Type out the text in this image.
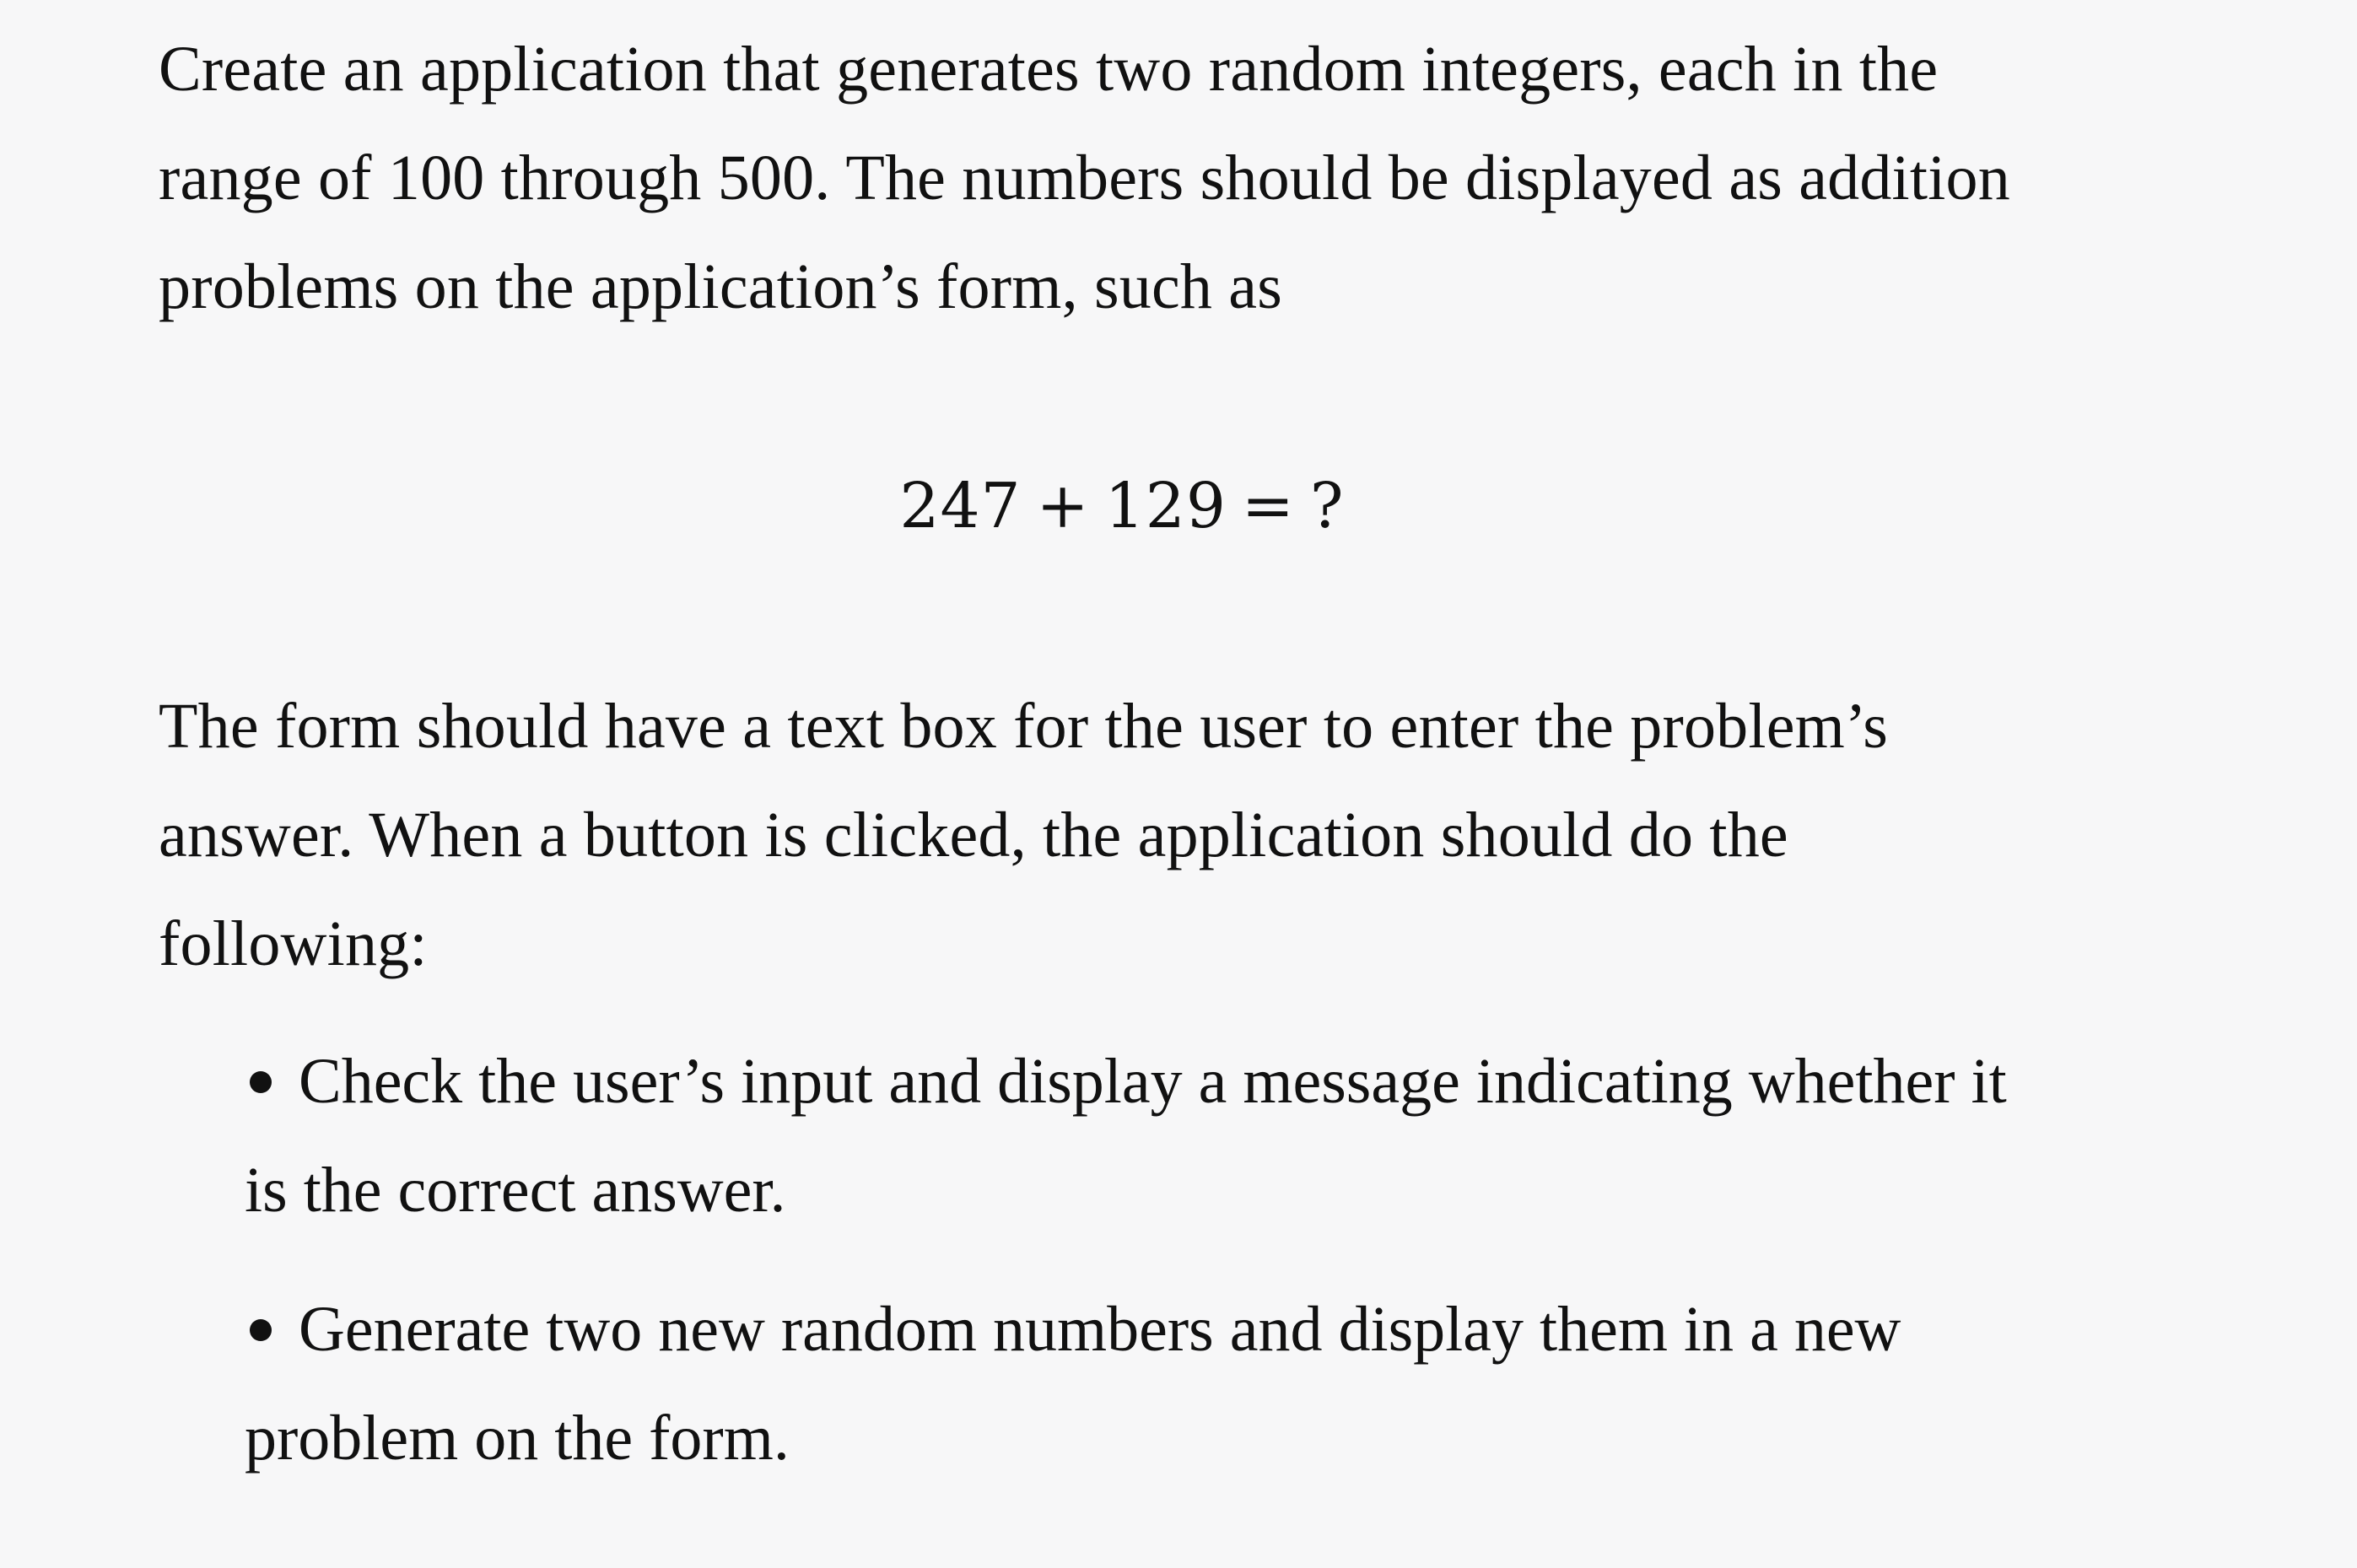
Create an application that generates two random integers, each in the
range of 100 through 500. The numbers should be displayed as addition
problems on the application’s form, such as

247 + 129 = ?

The form should have a text box for the user to enter the problem’s
answer. When a button is clicked, the application should do the
following:

Check the user’s input and display a message indicating whether it
is the correct answer.
Generate two new random numbers and display them in a new
problem on the form.
